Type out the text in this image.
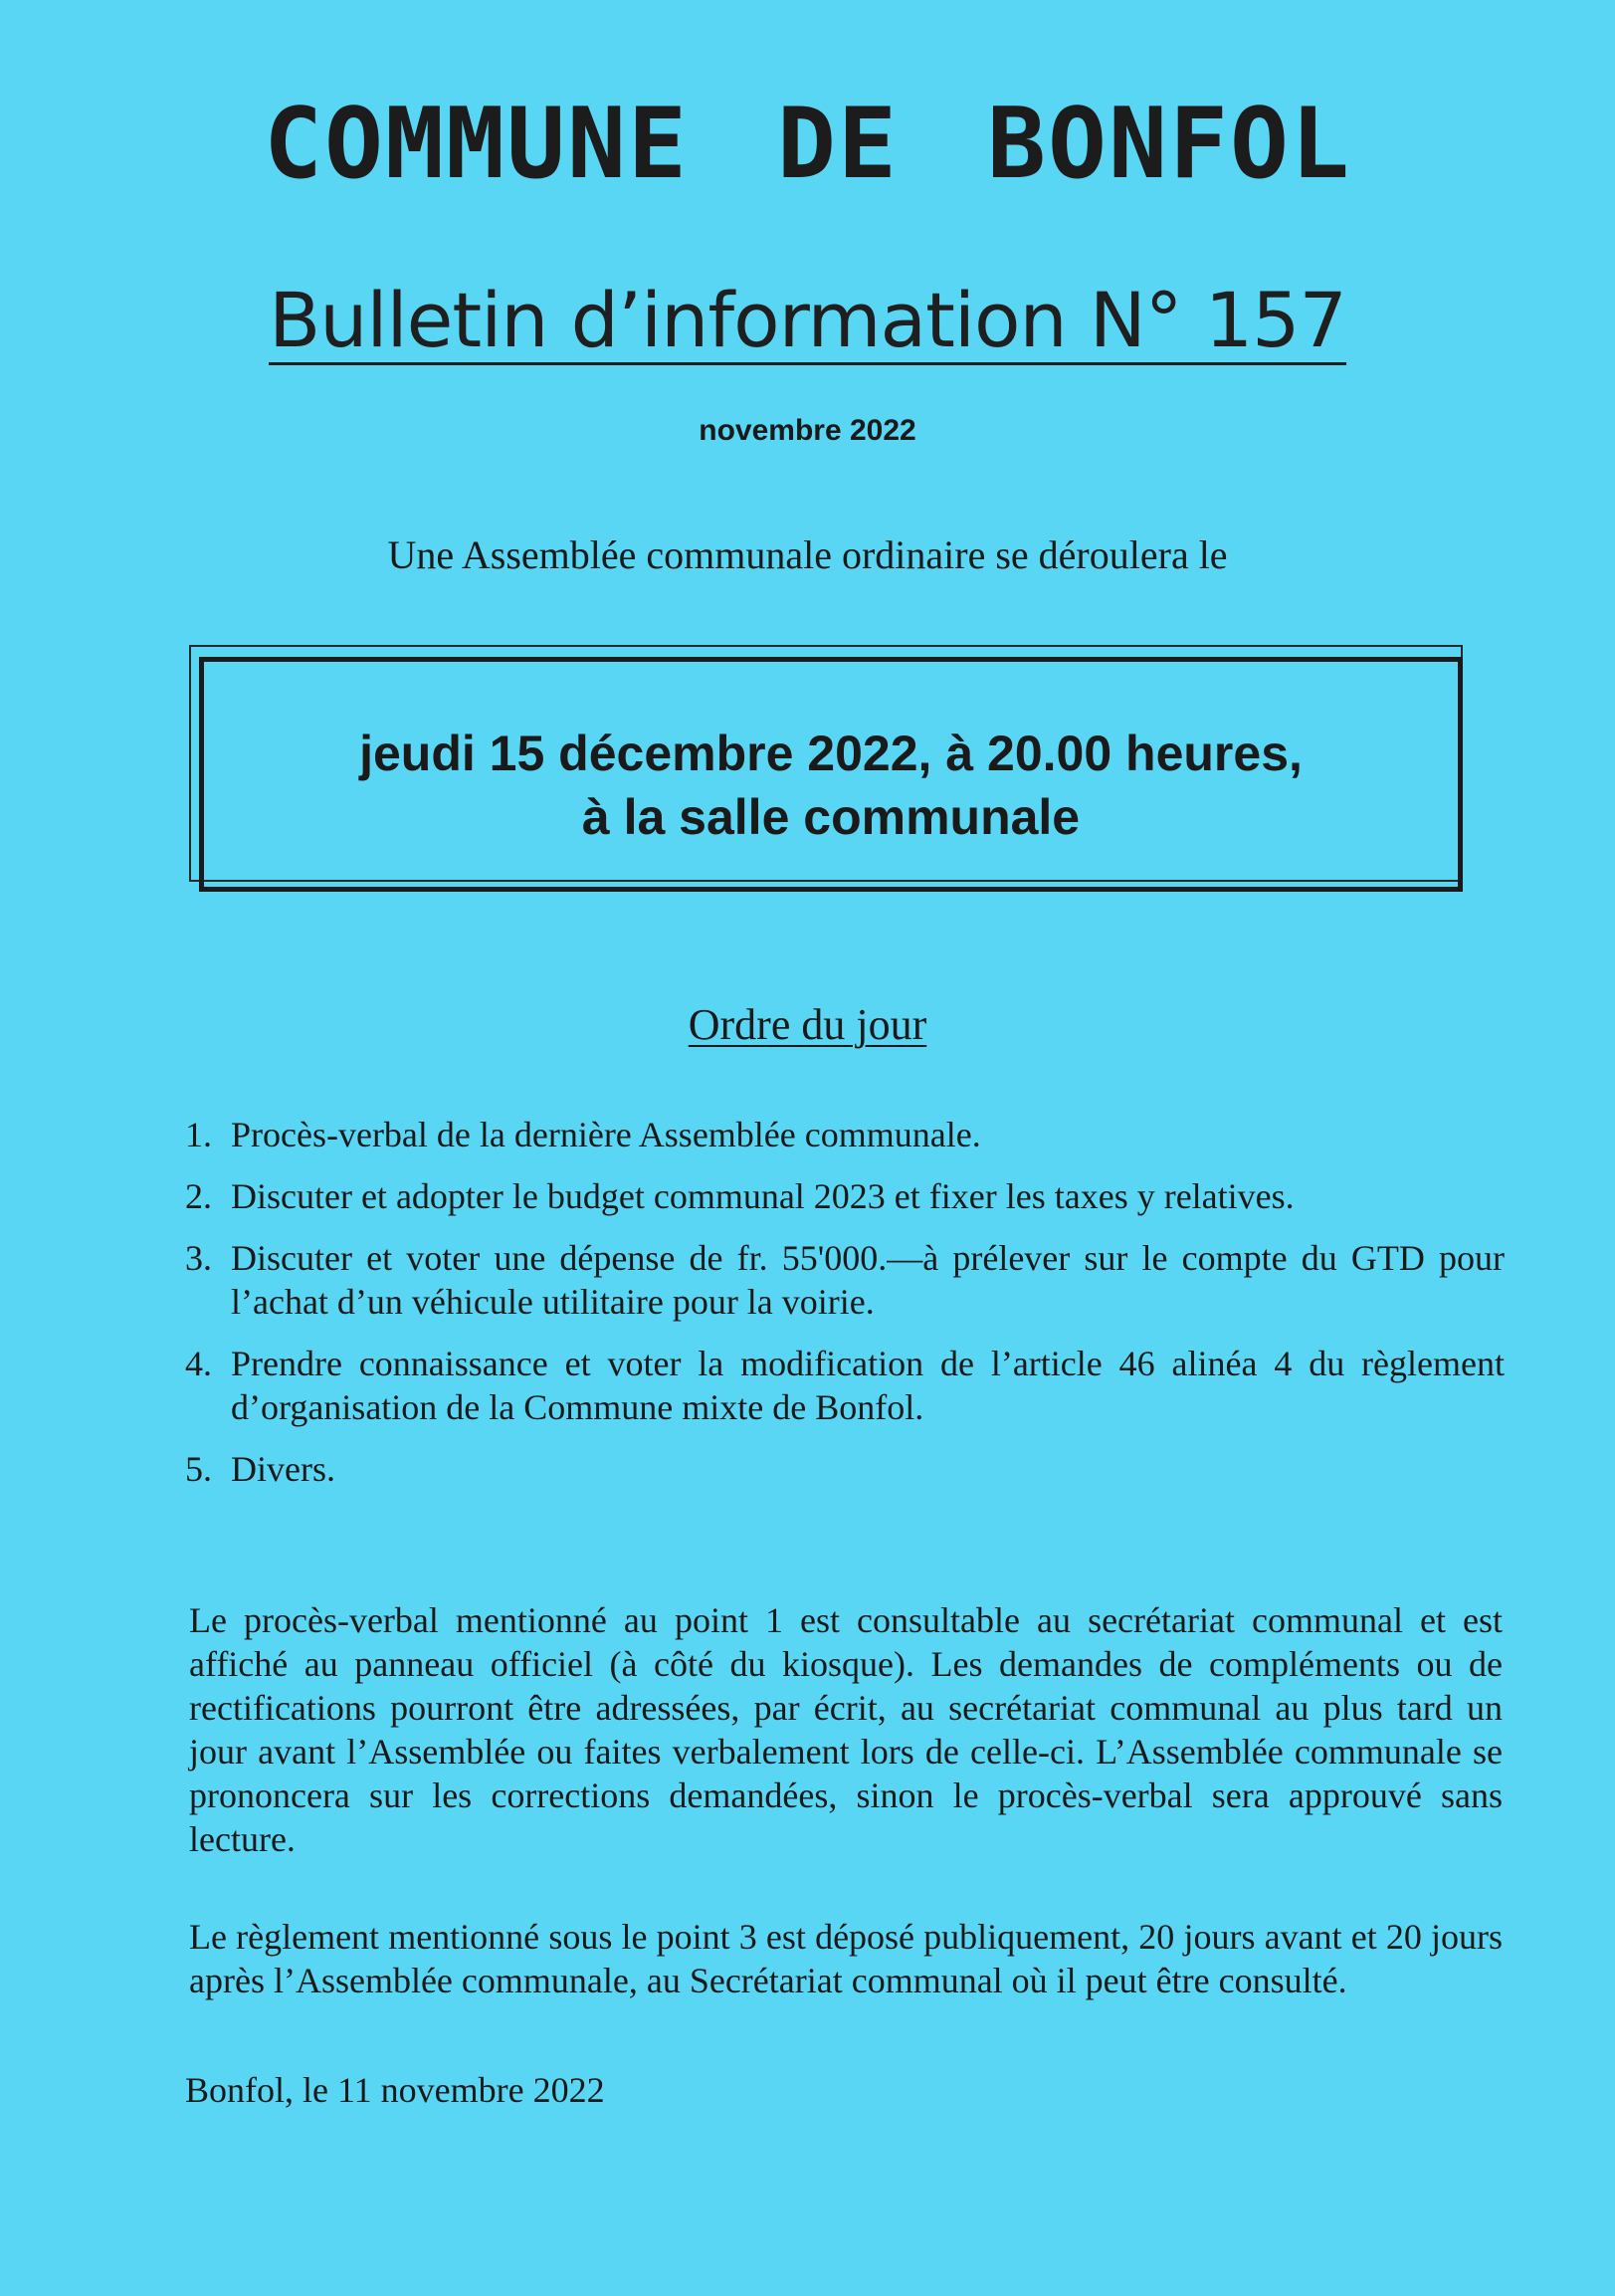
COMMUNE DE BONFOL
Bulletin d’information N° 157
novembre 2022
Une Assemblée communale ordinaire se déroulera le
jeudi 15 décembre 2022, à 20.00 heures,
à la salle communale
Ordre du jour
1. Procès-verbal de la dernière Assemblée communale.
2. Discuter et adopter le budget communal 2023 et fixer les taxes y relatives.
3. Discuter et voter une dépense de fr. 55'000.—à prélever sur le compte du GTD pour l’achat d’un véhicule utilitaire pour la voirie.
4. Prendre connaissance et voter la modification de l’article 46 alinéa 4 du règlement d’organisation de la Commune mixte de Bonfol.
5. Divers.

Le procès-verbal mentionné au point 1 est consultable au secrétariat communal et est affiché au panneau officiel (à côté du kiosque). Les demandes de compléments ou de rectifications pourront être adressées, par écrit, au secrétariat communal au plus tard un jour avant l’Assemblée ou faites verbalement lors de celle-ci. L’Assemblée communale se prononcera sur les corrections demandées, sinon le procès-verbal sera approuvé sans lecture.

Le règlement mentionné sous le point 3 est déposé publiquement, 20 jours avant et 20 jours après l’Assemblée communale, au Secrétariat communal où il peut être consulté.

Bonfol, le 11 novembre 2022
